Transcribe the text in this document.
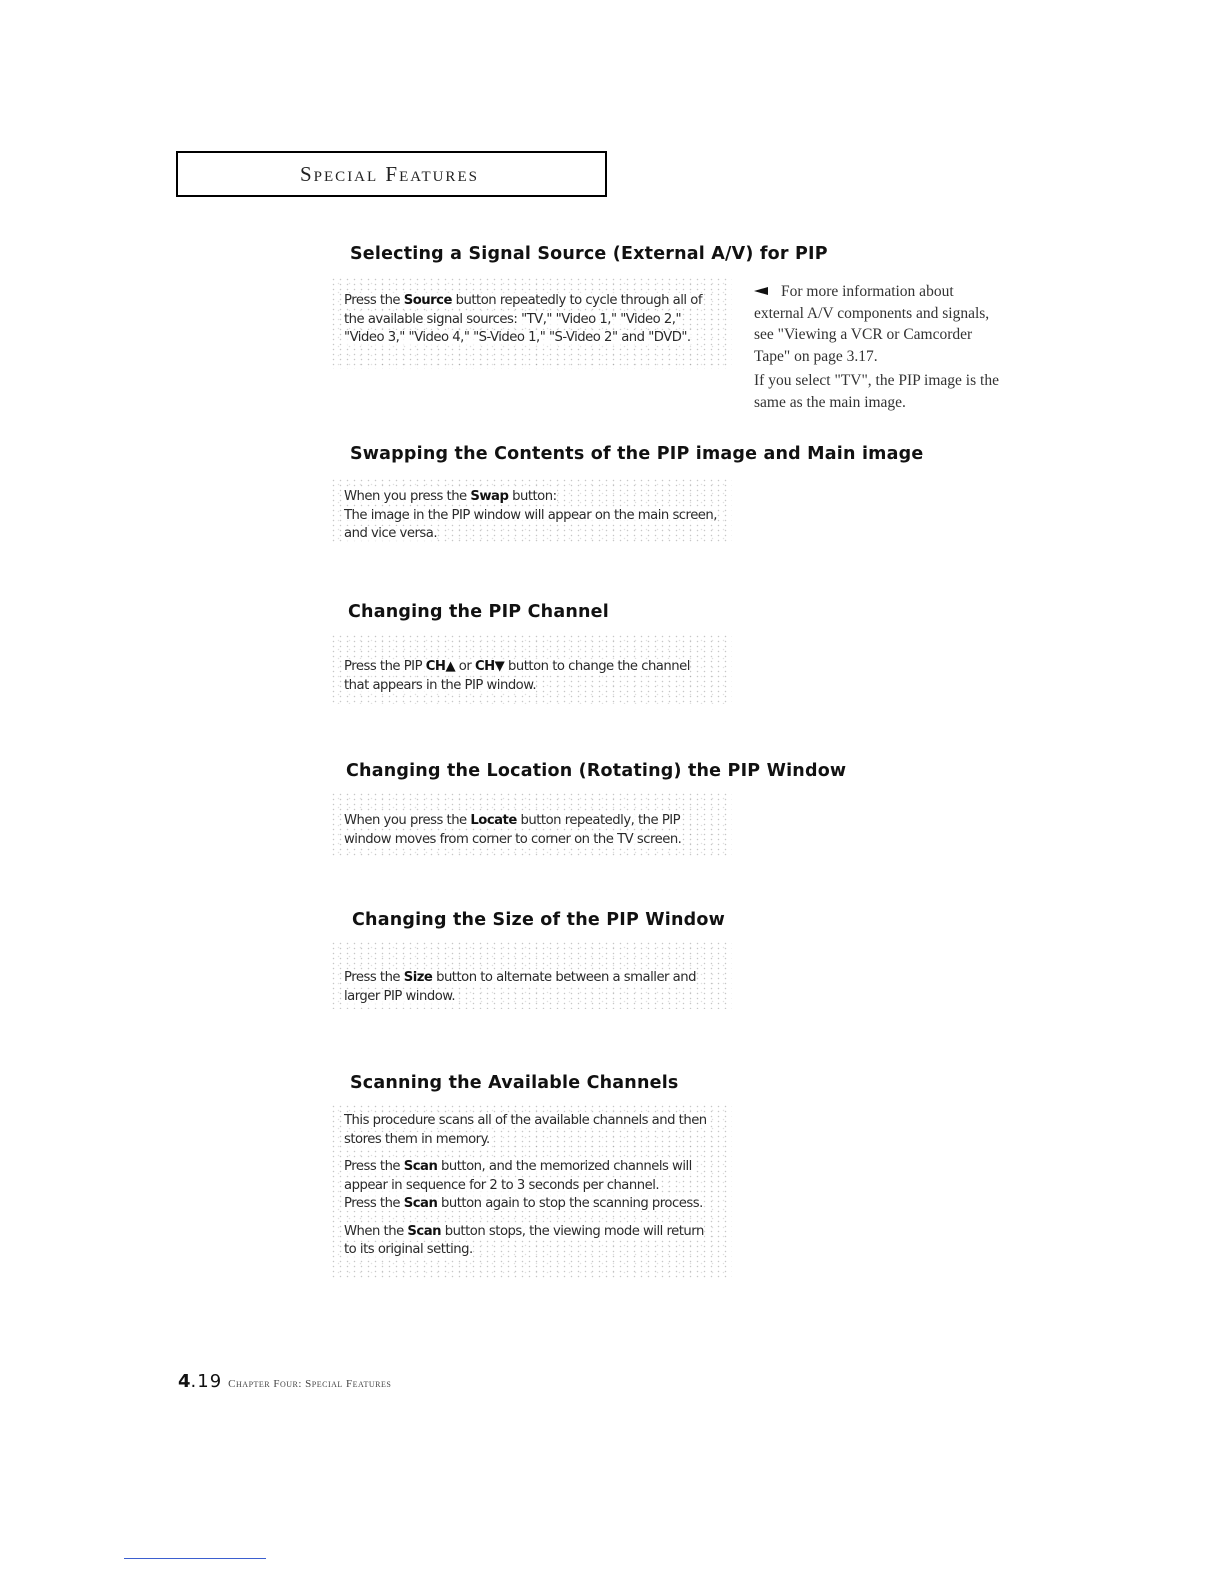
Special Features
Selecting a Signal Source (External A/V) for PIP

Press the Source button repeatedly to cycle through all of the available signal sources: "TV," "Video 1," "Video 2," "Video 3," "Video 4," "S-Video 1," "S-Video 2" and "DVD".

For more information about external A/V components and signals, see "Viewing a VCR or Camcorder Tape" on page 3.17.

If you select "TV", the PIP image is the same as the main image.

Swapping the Contents of the PIP image and Main image

When you press the Swap button:

The image in the PIP window will appear on the main screen, and vice versa.

Changing the PIP Channel

Press the PIP CH▲ or CH▼ button to change the channel that appears in the PIP window.

Changing the Location (Rotating) the PIP Window

When you press the Locate button repeatedly, the PIP window moves from corner to corner on the TV screen.

Changing the Size of the PIP Window

Press the Size button to alternate between a smaller and larger PIP window.

Scanning the Available Channels

This procedure scans all of the available channels and then stores them in memory.

Press the Scan button, and the memorized channels will appear in sequence for 2 to 3 seconds per channel.

Press the Scan button again to stop the scanning process.

When the Scan button stops, the viewing mode will return to its original setting.

4.19 Chapter Four: Special Features
